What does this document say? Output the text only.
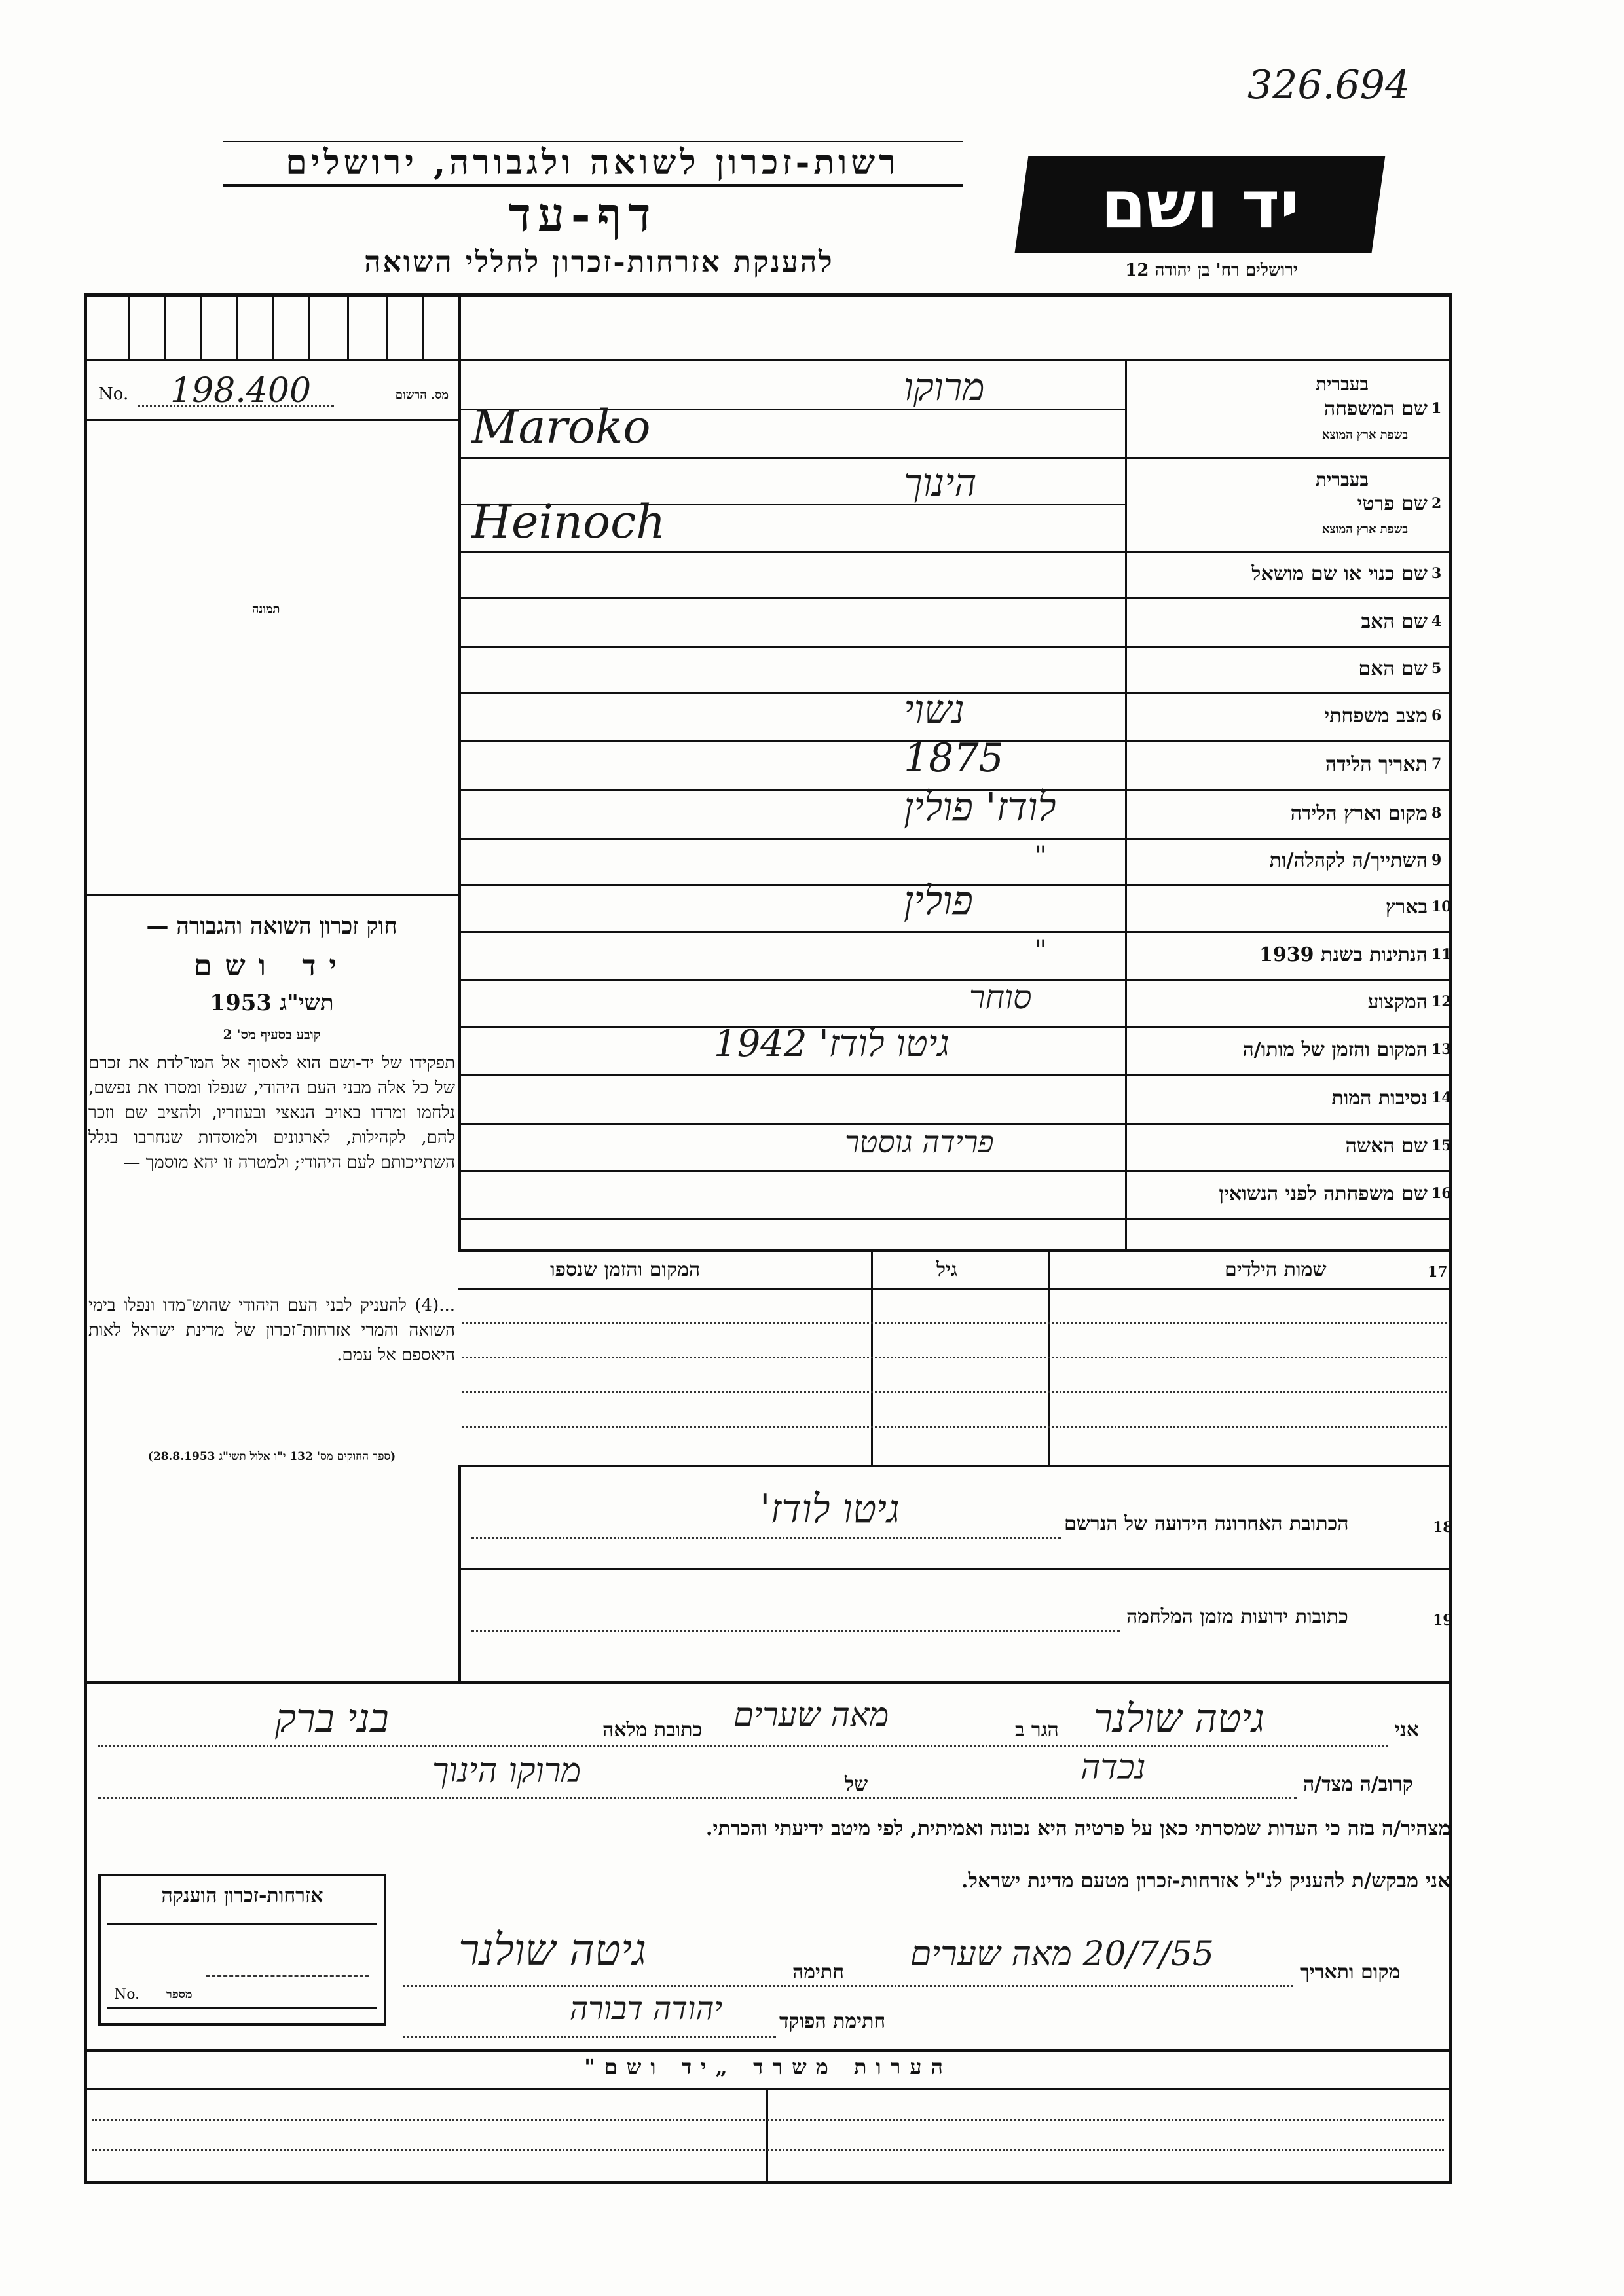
326.694
רשות-זכרון לשואה ולגבורה, ירושלים
דף-עד
להענקת אזרחות-זכרון לחללי השואה
יד ושם
ירושלים רח' בן יהודה 12
No. 198.400	מס. הרשום
תמונה
1
שם המשפחה
בעברית
בשפת ארץ המוצא
מרוקו
Maroko
2
שם פרטי
בעברית
בשפת ארץ המוצא
הינוך
Heinoch
3
שם כנוי או שם מושאל
4
שם האב
5
שם האם
6
מצב משפחתי
נשוי
7
תאריך הלידה
1875
8
מקום וארץ הלידה
לודז' פולין
9
השתייך/ה לקהלה/ות
"
10
בארץ
פולין
11
הנתינות בשנת 1939
"
12
המקצוע
סוחר
13
המקום והזמן של מותו/ה
גיטו לודז' 1942
14
נסיבות המות
15
שם האשה
פרידה גוסטר
16
שם משפחתה לפני הנשואין
חוק זכרון השואה והגבורה —
יד ושם
תשי"ג 1953
קובע בסעיף מס' 2
תפקידו של יד-ושם הוא לאסוף אל המו־לדת את זכרם של כל אלה מבני העם היהודי, שנפלו ומסרו את נפשם, נלחמו ומרדו באויב הנאצי ובעוזריו, ולהציב שם וזכר להם, לקהילות, לארגונים ולמוסדות שנחרבו בגלל השתייכותם לעם היהודי; ולמטרה זו יהא מוסמך —
...(4) להעניק לבני העם היהודי שהוש־מדו ונפלו בימי השואה והמרי אזרחות־זכרון של מדינת ישראל לאות היאספם אל עמם.
(ספר החוקים מס' 132 י"ו אלול תשי"ג 28.8.1953)
17
שמות הילדים
גיל
המקום והזמן שנספו
18
הכתובת האחרונה הידועה של הנרשם
גיטו לודז'
19
כתובות ידועות מזמן המלחמה
אני
גיטה שולנר
הגר ב
מאה שערים
כתובת מלאה
בני ברק
קרוב/ה מצד/ה
נכדה
של
מרוקו הינוך
מצהיר/ה בזה כי העדות שמסרתי כאן על פרטיה היא נכונה ואמיתית, לפי מיטב ידיעתי והכרתי.
אני מבקש/ת להעניק לנ"ל אזרחות-זכרון מטעם מדינת ישראל.
אזרחות-זכרון הוענקה
No. מספר
מקום ותאריך
20/7/55 מאה שערים
חתימה
גיטה שולנר
חתימת הפוקד
יהודה דבורה
הערות משרד „יד ושם"
